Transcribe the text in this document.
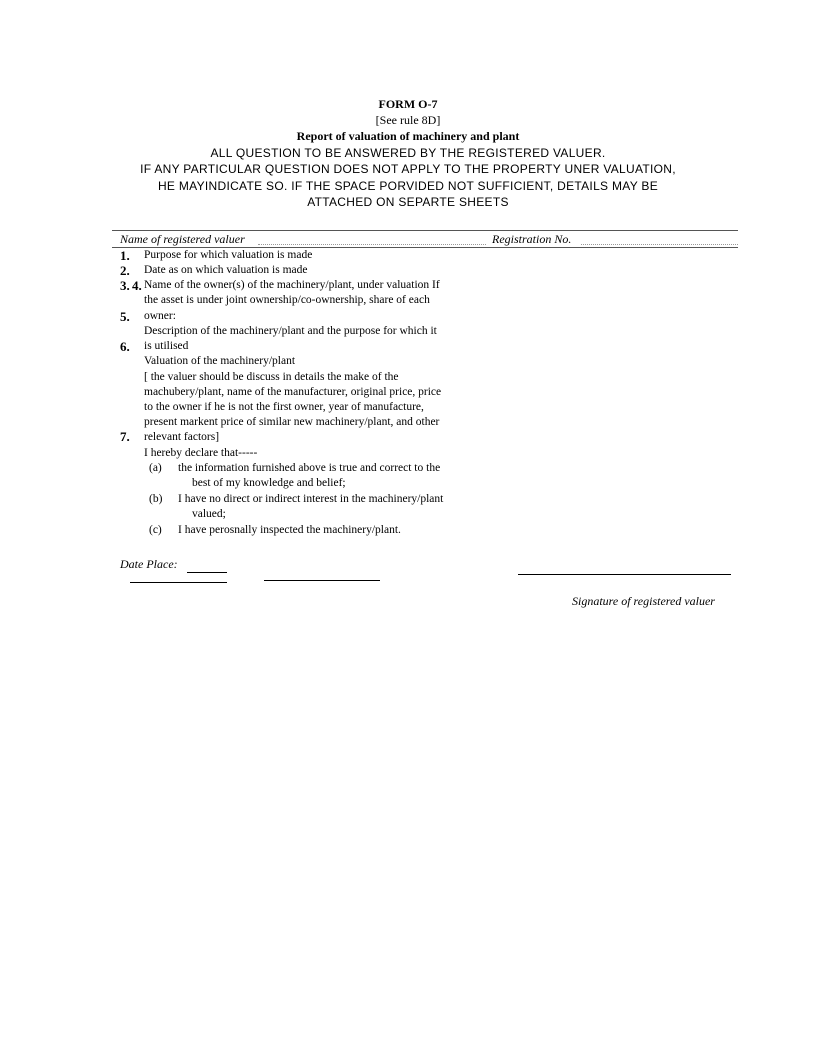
FORM O-7
[See rule 8D]
Report of valuation of machinery and plant
ALL QUESTION TO BE ANSWERED BY THE REGISTERED VALUER.
IF ANY PARTICULAR QUESTION DOES NOT APPLY TO THE PROPERTY UNER VALUATION,
HE MAYINDICATE SO. IF THE SPACE PORVIDED NOT SUFFICIENT, DETAILS MAY BE
ATTACHED ON SEPARTE SHEETS
Name of registered valuer	Registration No.
1.
2.
3. 4.
5.
6.
7.
Purpose for which valuation is made
Date as on which valuation is made
Name of the owner(s) of the machinery/plant, under valuation If
the asset is under joint ownership/co-ownership, share of each
owner:
Description of the machinery/plant and the purpose for which it
is utilised
Valuation of the machinery/plant
[ the valuer should be discuss in details the make of the
machubery/plant, name of the manufacturer, original price, price
to the owner if he is not the first owner, year of manufacture,
present markent price of similar new machinery/plant, and other
relevant factors]
I hereby declare that-----
(a) the information furnished above is true and correct to the
best of my knowledge and belief;
(b) I have no direct or indirect interest in the machinery/plant
valued;
(c) I have perosnally inspected the machinery/plant.
Date Place:
Signature of registered valuer
